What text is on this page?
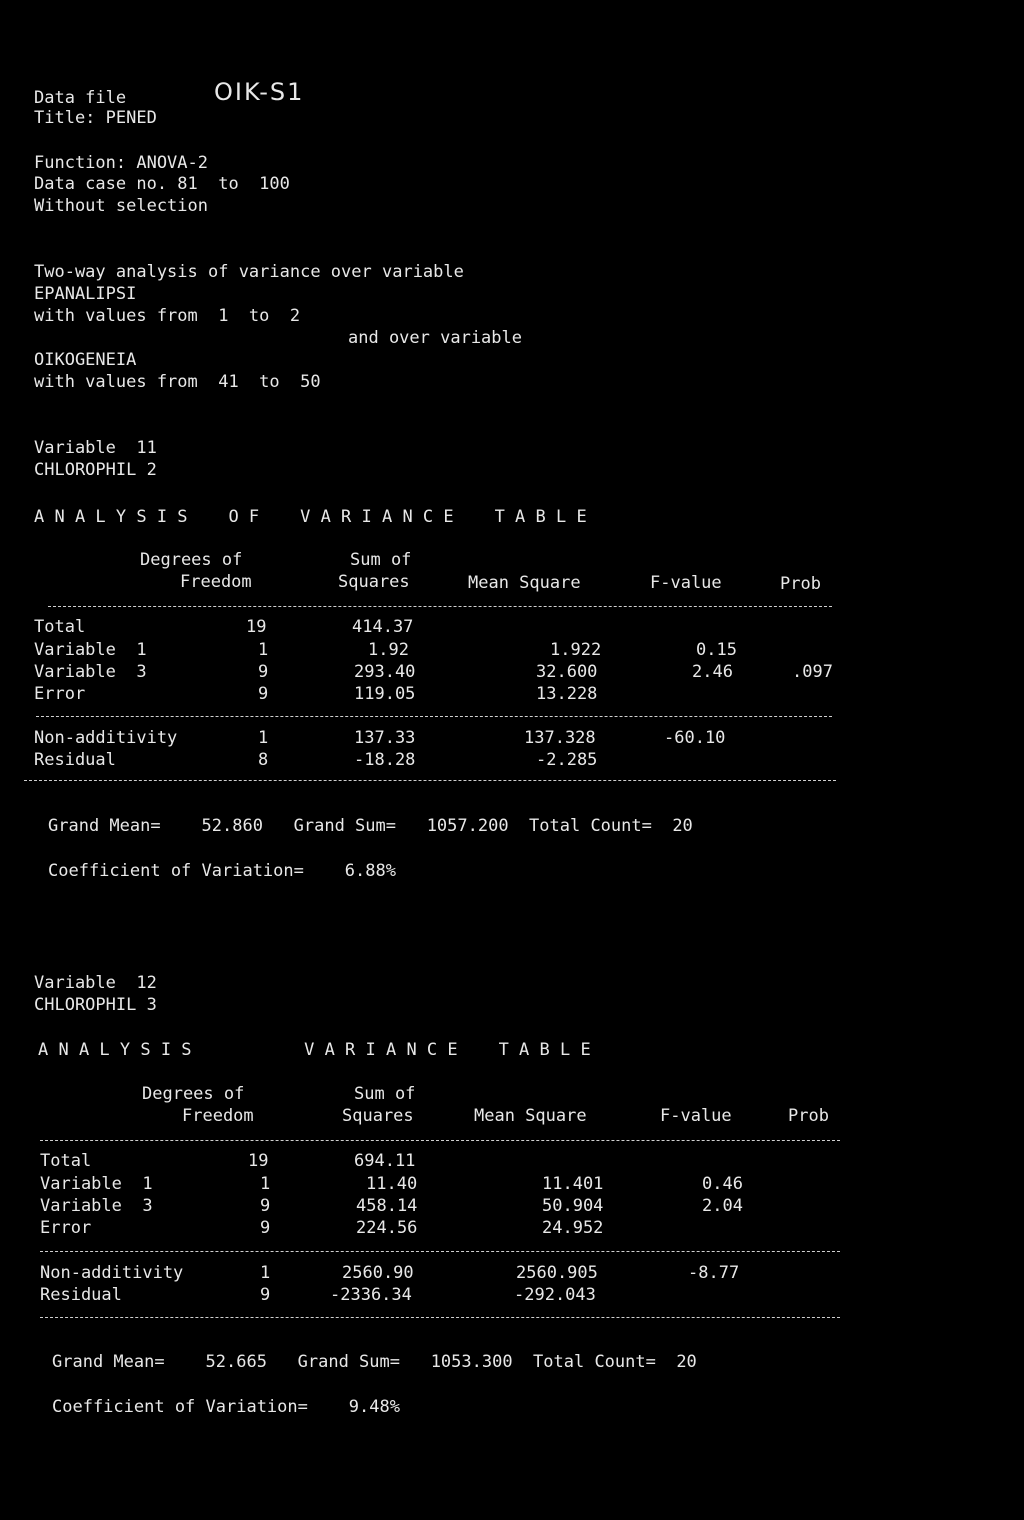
Data file	OIK-S1
Title: PENED
Function: ANOVA-2
Data case no. 81  to  100
Without selection
Two-way analysis of variance over variable
EPANALIPSI
with values from  1  to  2
and over variable
OIKOGENEIA
with values from  41  to  50
Variable  11
CHLOROPHIL 2
A N A L Y S I S    O F    V A R I A N C E    T A B L E
Degrees of	Sum of
Freedom	Squares	Mean Square	F-value	Prob
Total	19	414.37
Variable  1	1	1.92	1.922	0.15
Variable  3	9	293.40	32.600	2.46	.097
Error	9	119.05	13.228
Non-additivity	1	137.33	137.328	-60.10
Residual	8	-18.28	-2.285
Grand Mean=    52.860   Grand Sum=   1057.200  Total Count=  20
Coefficient of Variation=    6.88%
Variable  12
CHLOROPHIL 3
A N A L Y S I S           V A R I A N C E    T A B L E
Degrees of	Sum of
Freedom	Squares	Mean Square	F-value	Prob
Total	19	694.11
Variable  1	1	11.40	11.401	0.46
Variable  3	9	458.14	50.904	2.04
Error	9	224.56	24.952
Non-additivity	1	2560.90	2560.905	-8.77
Residual	9	-2336.34	-292.043
Grand Mean=    52.665   Grand Sum=   1053.300  Total Count=  20
Coefficient of Variation=    9.48%
